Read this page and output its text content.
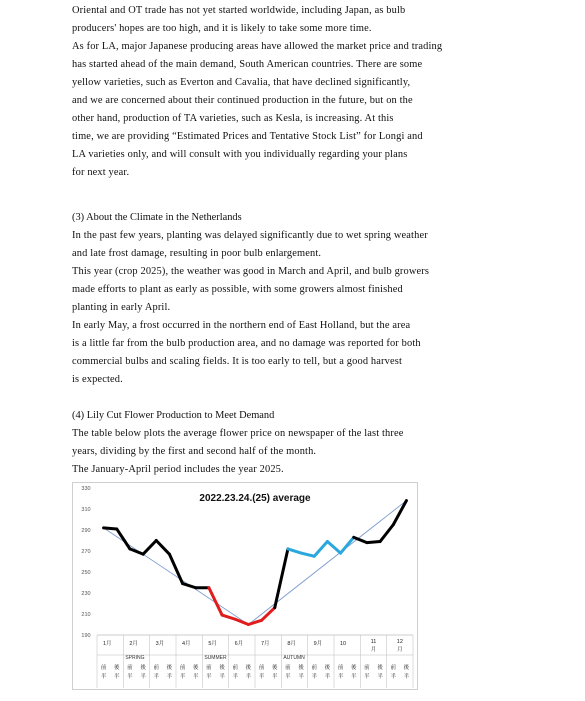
Oriental and OT trade has not yet started worldwide, including Japan, as bulb
producers' hopes are too high, and it is likely to take some more time.
As for LA, major Japanese producing areas have allowed the market price and trading
has started ahead of the main demand, South American countries. There are some
yellow varieties, such as Everton and Cavalia, that have declined significantly,
and we are concerned about their continued production in the future, but on the
other hand, production of TA varieties, such as Kesla, is increasing. At this
time, we are providing “Estimated Prices and Tentative Stock List” for Longi and
LA varieties only, and will consult with you individually regarding your plans
for next year.
(3) About the Climate in the Netherlands
In the past few years, planting was delayed significantly due to wet spring weather
and late frost damage, resulting in poor bulb enlargement.
This year (crop 2025), the weather was good in March and April, and bulb growers
made efforts to plant as early as possible, with some growers almost finished
planting in early April.
In early May, a frost occurred in the northern end of East Holland, but the area
is a little far from the bulb production area, and no damage was reported for both
commercial bulbs and scaling fields. It is too early to tell, but a good harvest
is expected.
(4) Lily Cut Flower Production to Meet Demand
The table below plots the average flower price on newspaper of the last three
years, dividing by the first and second half of the month.
The January-April period includes the year 2025.
190
210
230
250
270
290
310
330
2022.23.24.(25) average
1月	2月	3月	4月	5月	6月	7月	8月	9月	10	11
月
12
月
SPRING	SUMMER	AUTUMN
前
半
後
半
前
半
後
半
前
半
後
半
前
半
後
半
前
半
後
半
前
半
後
半
前
半
後
半
前
半
後
半
前
半
後
半
前
半
後
半
前
半
後
半
前
半
後
半
